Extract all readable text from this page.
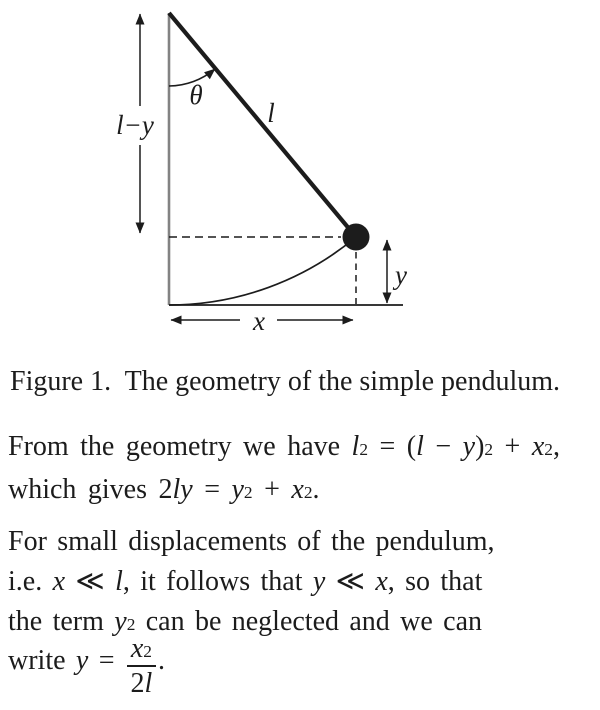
l−y
θ
l
y
x
Figure 1.  The geometry of the simple pendulum.
From the geometry we have l2 = (l − y)2 + x2,
which gives 2ly = y2 + x2.
For small displacements of the pendulum,
i.e. x ≪ l, it follows that y ≪ x, so that
the term y2 can be neglected and we can
write $y = \frac{x2}{2l}$ .
